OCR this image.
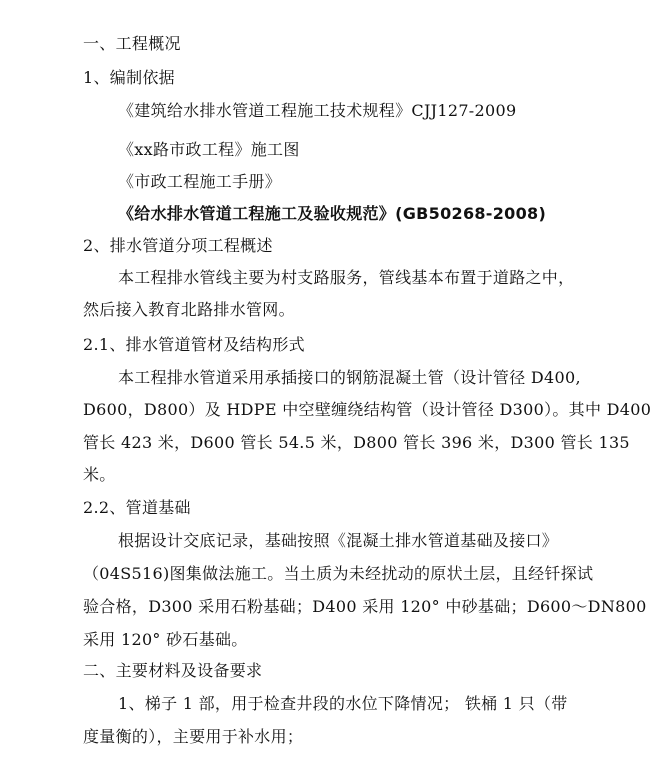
一、工程概况
1、编制依据
《建筑给水排水管道工程施工技术规程》CJJ127-2009
《xx路市政工程》施工图
《市政工程施工手册》
《给水排水管道工程施工及验收规范》(GB50268-2008)
2、排水管道分项工程概述
本工程排水管线主要为村支路服务，管线基本布置于道路之中，
然后接入教育北路排水管网。
2.1、排水管道管材及结构形式
本工程排水管道采用承插接口的钢筋混凝土管（设计管径 D400,
D600，D800）及 HDPE 中空壁缠绕结构管（设计管径 D300）。其中 D400
管长 423 米，D600 管长 54.5 米，D800 管长 396 米，D300 管长 135
米。
2.2、管道基础
根据设计交底记录，基础按照《混凝土排水管道基础及接口》
（04S516)图集做法施工。当土质为未经扰动的原状土层，且经钎探试
验合格，D300 采用石粉基础；D400 采用 120° 中砂基础；D600～DN800
采用 120° 砂石基础。
二、主要材料及设备要求
1、梯子 1 部，用于检查井段的水位下降情况； 铁桶 1 只（带
度量衡的），主要用于补水用；
